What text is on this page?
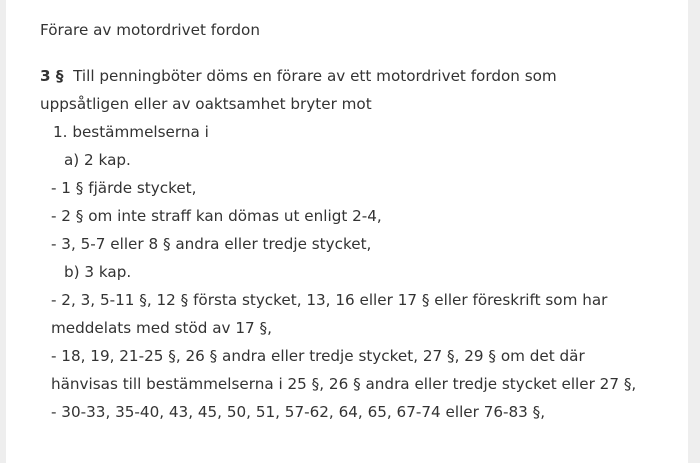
Förare av motordrivet fordon
3 § Till penningböter döms en förare av ett motordrivet fordon som
uppsåtligen eller av oaktsamhet bryter mot
1. bestämmelserna i
a) 2 kap.
- 1 § fjärde stycket,
- 2 § om inte straff kan dömas ut enligt 2-4,
- 3, 5-7 eller 8 § andra eller tredje stycket,
b) 3 kap.
- 2, 3, 5-11 §, 12 § första stycket, 13, 16 eller 17 § eller föreskrift som har meddelats med stöd av 17 §,
- 18, 19, 21-25 §, 26 § andra eller tredje stycket, 27 §, 29 § om det där hänvisas till bestämmelserna i 25 §, 26 § andra eller tredje stycket eller 27 §,
- 30-33, 35-40, 43, 45, 50, 51, 57-62, 64, 65, 67-74 eller 76-83 §,
